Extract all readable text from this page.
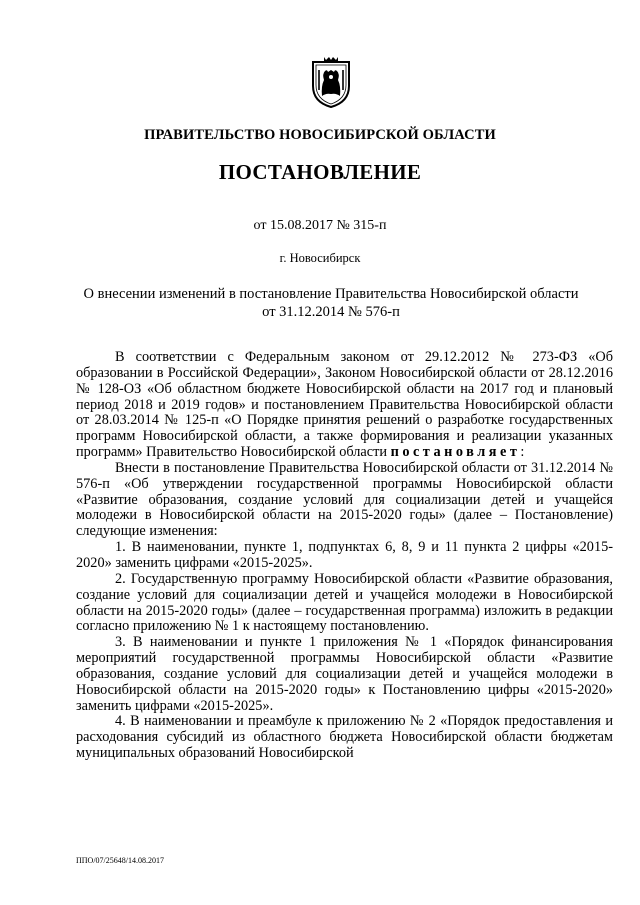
ПРАВИТЕЛЬСТВО НОВОСИБИРСКОЙ ОБЛАСТИ
ПОСТАНОВЛЕНИЕ
от 15.08.2017 № 315-п
г. Новосибирск
О внесении изменений в постановление Правительства Новосибирской области
от 31.12.2014 № 576-п

В соответствии с Федеральным законом от 29.12.2012 № 273-ФЗ «Об образовании в Российской Федерации», Законом Новосибирской области от 28.12.2016 № 128-ОЗ «Об областном бюджете Новосибирской области на 2017 год и плановый период 2018 и 2019 годов» и постановлением Правительства Новосибирской области от 28.03.2014 № 125-п «О Порядке принятия решений о разработке государственных программ Новосибирской области, а также формирования и реализации указанных программ» Правительство Новосибирской области постановляет:

Внести в постановление Правительства Новосибирской области от 31.12.2014 № 576-п «Об утверждении государственной программы Новосибирской области «Развитие образования, создание условий для социализации детей и учащейся молодежи в Новосибирской области на 2015-2020 годы» (далее – Постановление) следующие изменения:

1. В наименовании, пункте 1, подпунктах 6, 8, 9 и 11 пункта 2 цифры «2015-2020» заменить цифрами «2015-2025».

2. Государственную программу Новосибирской области «Развитие образования, создание условий для социализации детей и учащейся молодежи в Новосибирской области на 2015-2020 годы» (далее – государственная программа) изложить в редакции согласно приложению № 1 к настоящему постановлению.

3. В наименовании и пункте 1 приложения № 1 «Порядок финансирования мероприятий государственной программы Новосибирской области «Развитие образования, создание условий для социализации детей и учащейся молодежи в Новосибирской области на 2015-2020 годы» к Постановлению цифры «2015-2020» заменить цифрами «2015-2025».

4. В наименовании и преамбуле к приложению № 2 «Порядок предоставления и расходования субсидий из областного бюджета Новосибирской области бюджетам муниципальных образований Новосибирской

ППО/07/25648/14.08.2017
